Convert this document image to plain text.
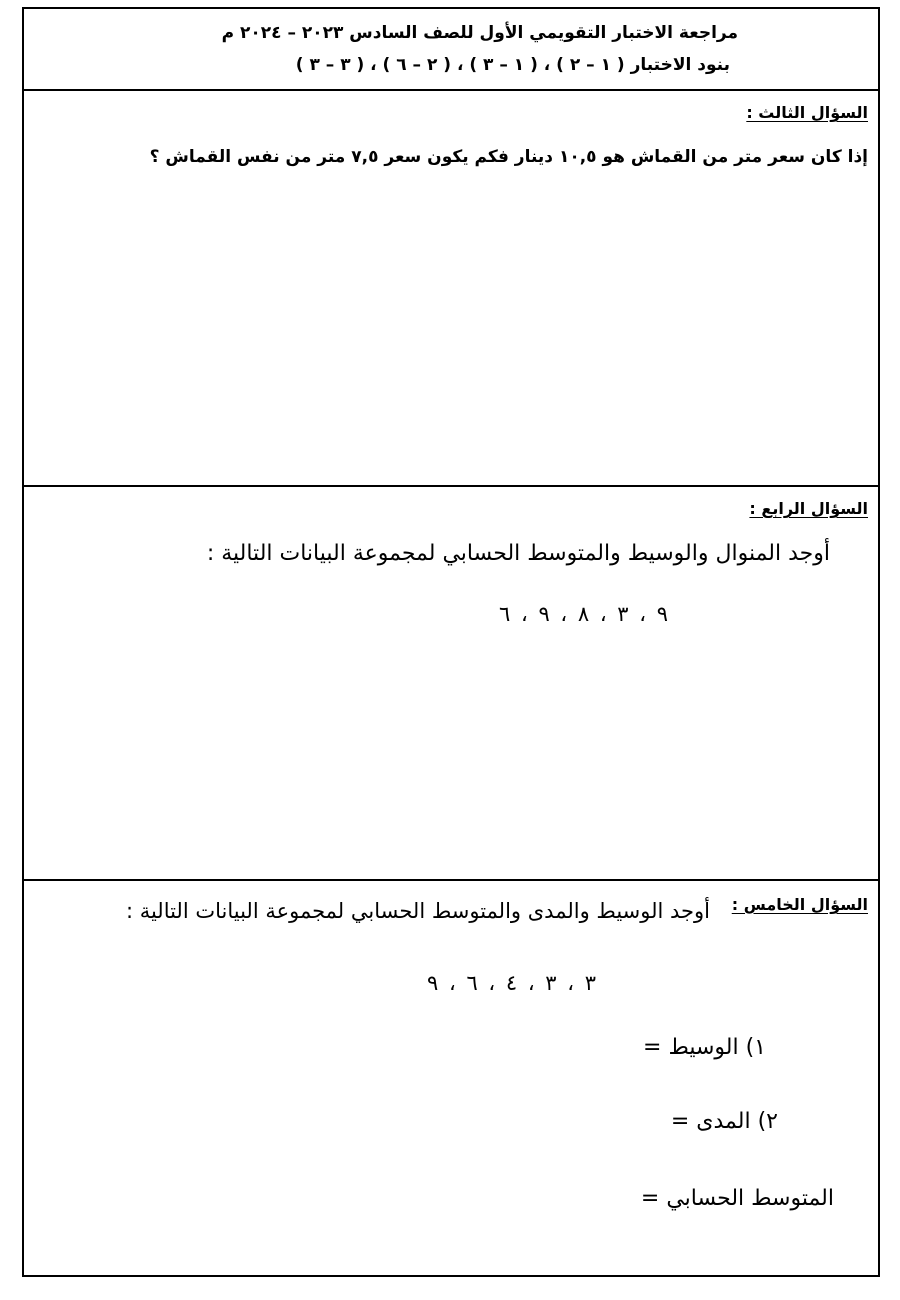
مراجعة الاختبار التقويمي الأول للصف السادس ٢٠٢٣ – ٢٠٢٤ م
بنود الاختبار ( ١ – ٢ ) ، ( ١ – ٣ ) ، ( ٢ – ٦ ) ، ( ٣ – ٣ )
السؤال الثالث :
إذا كان سعر متر من القماش هو ١٠,٥ دينار فكم يكون سعر ٧,٥ متر من نفس القماش ؟
السؤال الرابع :
أوجد المنوال والوسيط والمتوسط الحسابي لمجموعة البيانات التالية :
٩ ، ٣ ، ٨ ، ٩ ، ٦
السؤال الخامس :
أوجد الوسيط والمدى والمتوسط الحسابي لمجموعة البيانات التالية :
٣ ، ٣ ، ٤ ، ٦ ، ٩
١) الوسيط =
٢) المدى =
المتوسط الحسابي =
